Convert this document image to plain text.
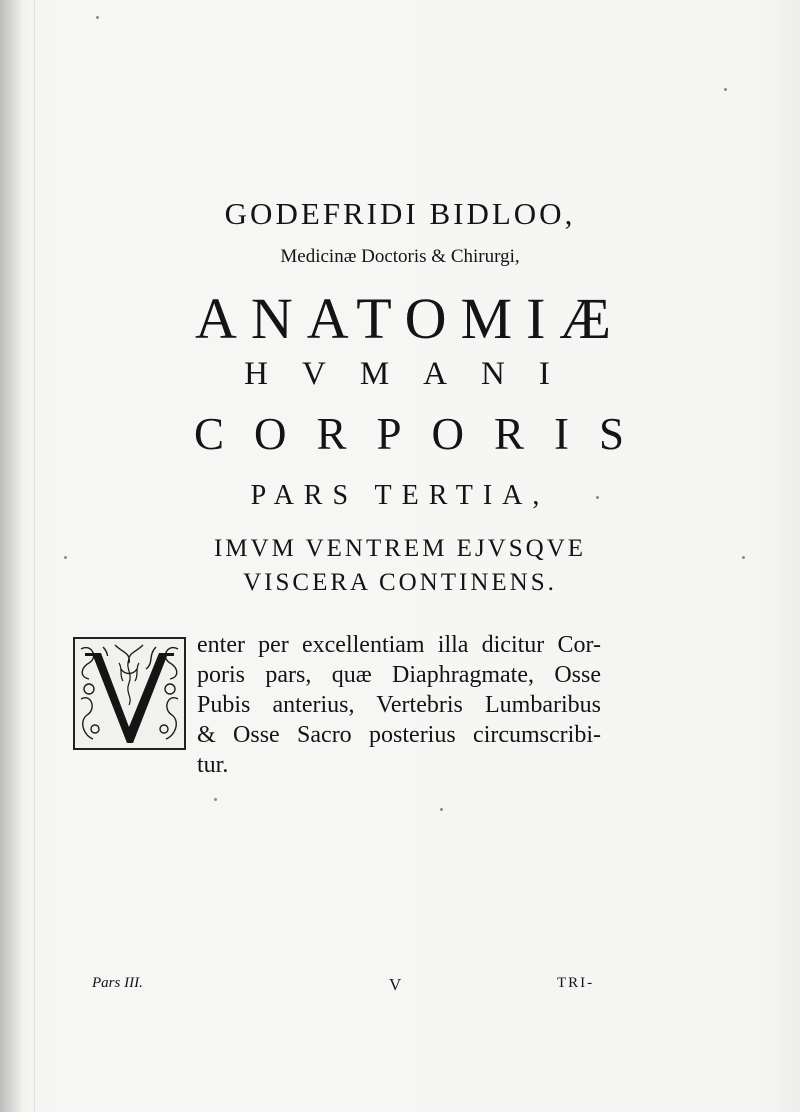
GODEFRIDI BIDLOO,
Medicinæ Doctoris & Chirurgi,
ANATOMIÆ
HVMANI
CORPORIS
PARS TERTIA,
IMVM VENTREM EJVSQVE
VISCERA CONTINENS.
enter per excellentiam illa dicitur Cor-
poris pars, quæ Diaphragmate, Osse
Pubis anterius, Vertebris Lumbaribus
& Osse Sacro posterius circumscribi-
tur.
Pars III.	V	TRI-
